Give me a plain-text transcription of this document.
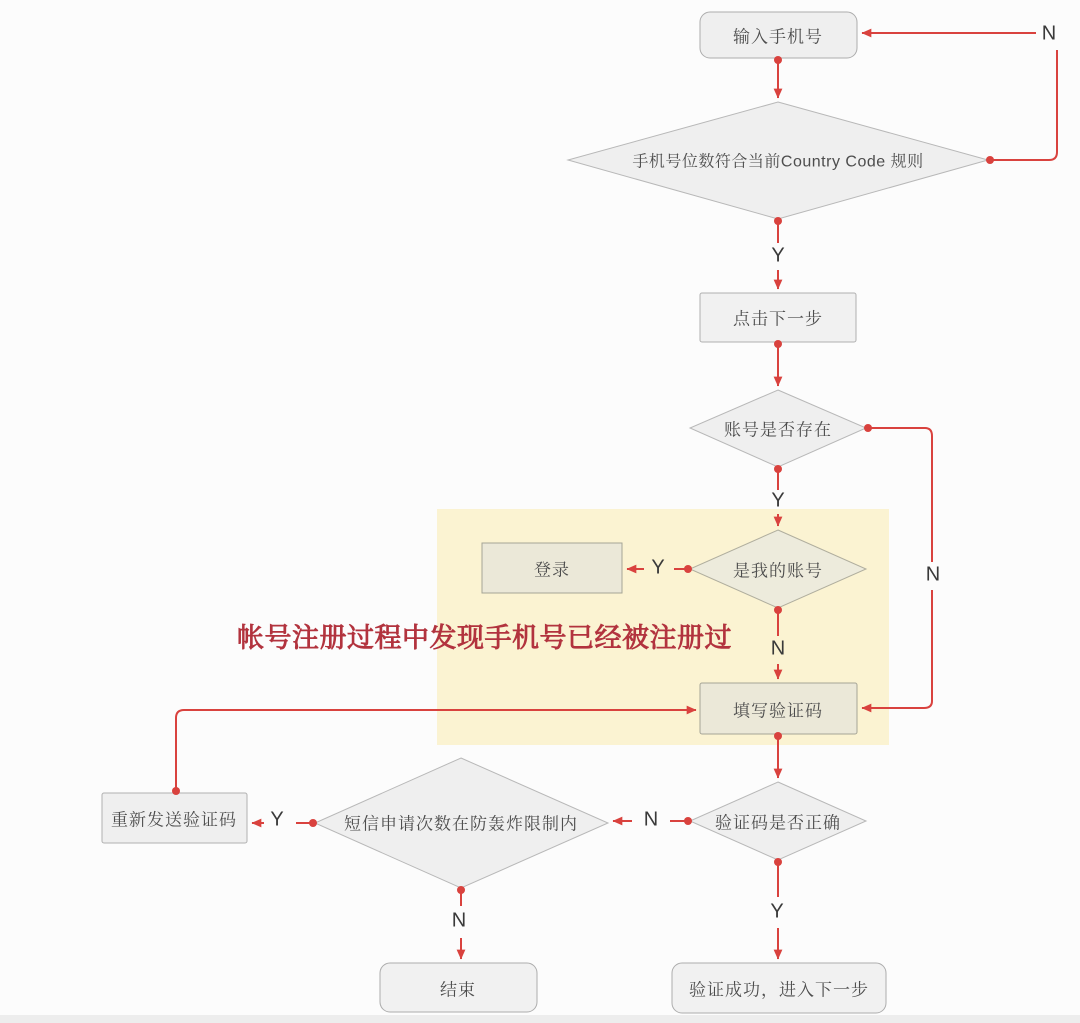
输入手机号
手机号位数符合当前Country Code 规则
点击下一步
账号是否存在
是我的账号
登录
填写验证码
验证码是否正确
短信申请次数在防轰炸限制内
重新发送验证码
结束	验证成功，进入下一步
N
Y
Y
N
Y
N
Y
N
Y
N
帐号注册过程中发现手机号已经被注册过
